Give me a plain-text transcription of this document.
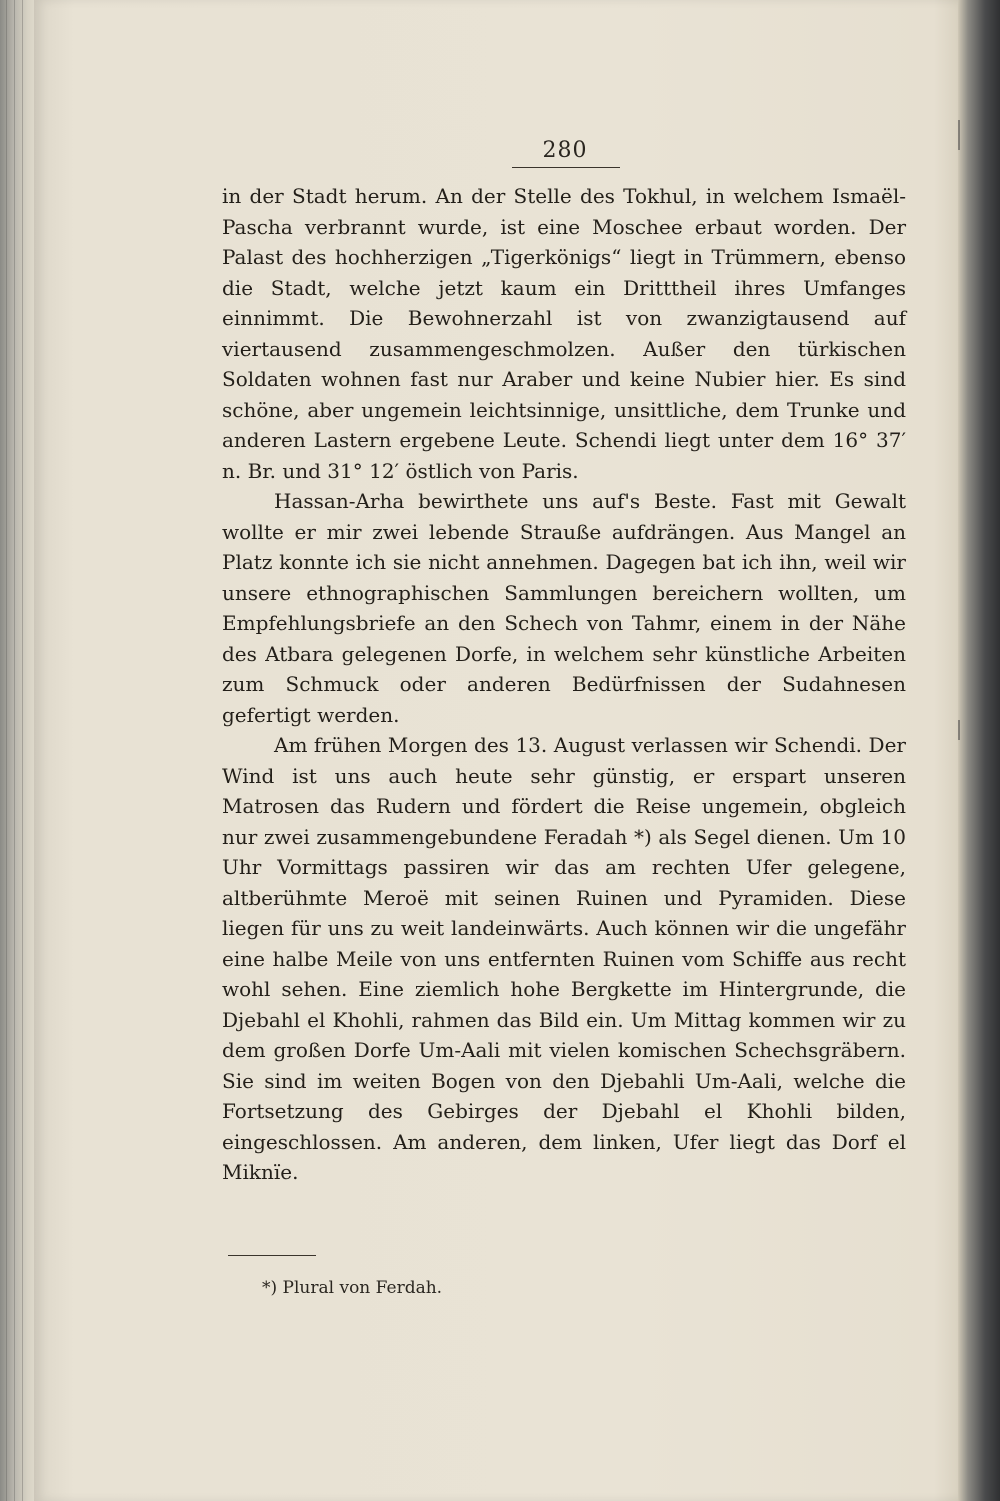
280

in der Stadt herum. An der Stelle des Tokhul, in welchem Ismaël-Pascha verbrannt wurde, ist eine Moschee erbaut worden. Der Palast des hochherzigen „Tigerkönigs“ liegt in Trümmern, ebenso die Stadt, welche jetzt kaum ein Dritttheil ihres Umfanges einnimmt. Die Bewohnerzahl ist von zwanzigtausend auf viertausend zusammengeschmolzen. Außer den türkischen Soldaten wohnen fast nur Araber und keine Nubier hier. Es sind schöne, aber ungemein leichtsinnige, unsittliche, dem Trunke und anderen Lastern ergebene Leute. Schendi liegt unter dem 16° 37′ n. Br. und 31° 12′ östlich von Paris.

Hassan-Arha bewirthete uns auf's Beste. Fast mit Gewalt wollte er mir zwei lebende Strauße aufdrängen. Aus Mangel an Platz konnte ich sie nicht annehmen. Dagegen bat ich ihn, weil wir unsere ethnographischen Sammlungen bereichern wollten, um Empfehlungsbriefe an den Schech von Tahmr, einem in der Nähe des Atbara gelegenen Dorfe, in welchem sehr künstliche Arbeiten zum Schmuck oder anderen Bedürfnissen der Sudahnesen gefertigt werden.

Am frühen Morgen des 13. August verlassen wir Schendi. Der Wind ist uns auch heute sehr günstig, er erspart unseren Matrosen das Rudern und fördert die Reise ungemein, obgleich nur zwei zusammengebundene Feradah *) als Segel dienen. Um 10 Uhr Vormittags passiren wir das am rechten Ufer gelegene, altberühmte Meroë mit seinen Ruinen und Pyramiden. Diese liegen für uns zu weit landeinwärts. Auch können wir die ungefähr eine halbe Meile von uns entfernten Ruinen vom Schiffe aus recht wohl sehen. Eine ziemlich hohe Bergkette im Hintergrunde, die Djebahl el Khohli, rahmen das Bild ein. Um Mittag kommen wir zu dem großen Dorfe Um-Aali mit vielen komischen Schechsgräbern. Sie sind im weiten Bogen von den Djebahli Um-Aali, welche die Fortsetzung des Gebirges der Djebahl el Khohli bilden, eingeschlossen. Am anderen, dem linken, Ufer liegt das Dorf el Miknïe.

*) Plural von Ferdah.
